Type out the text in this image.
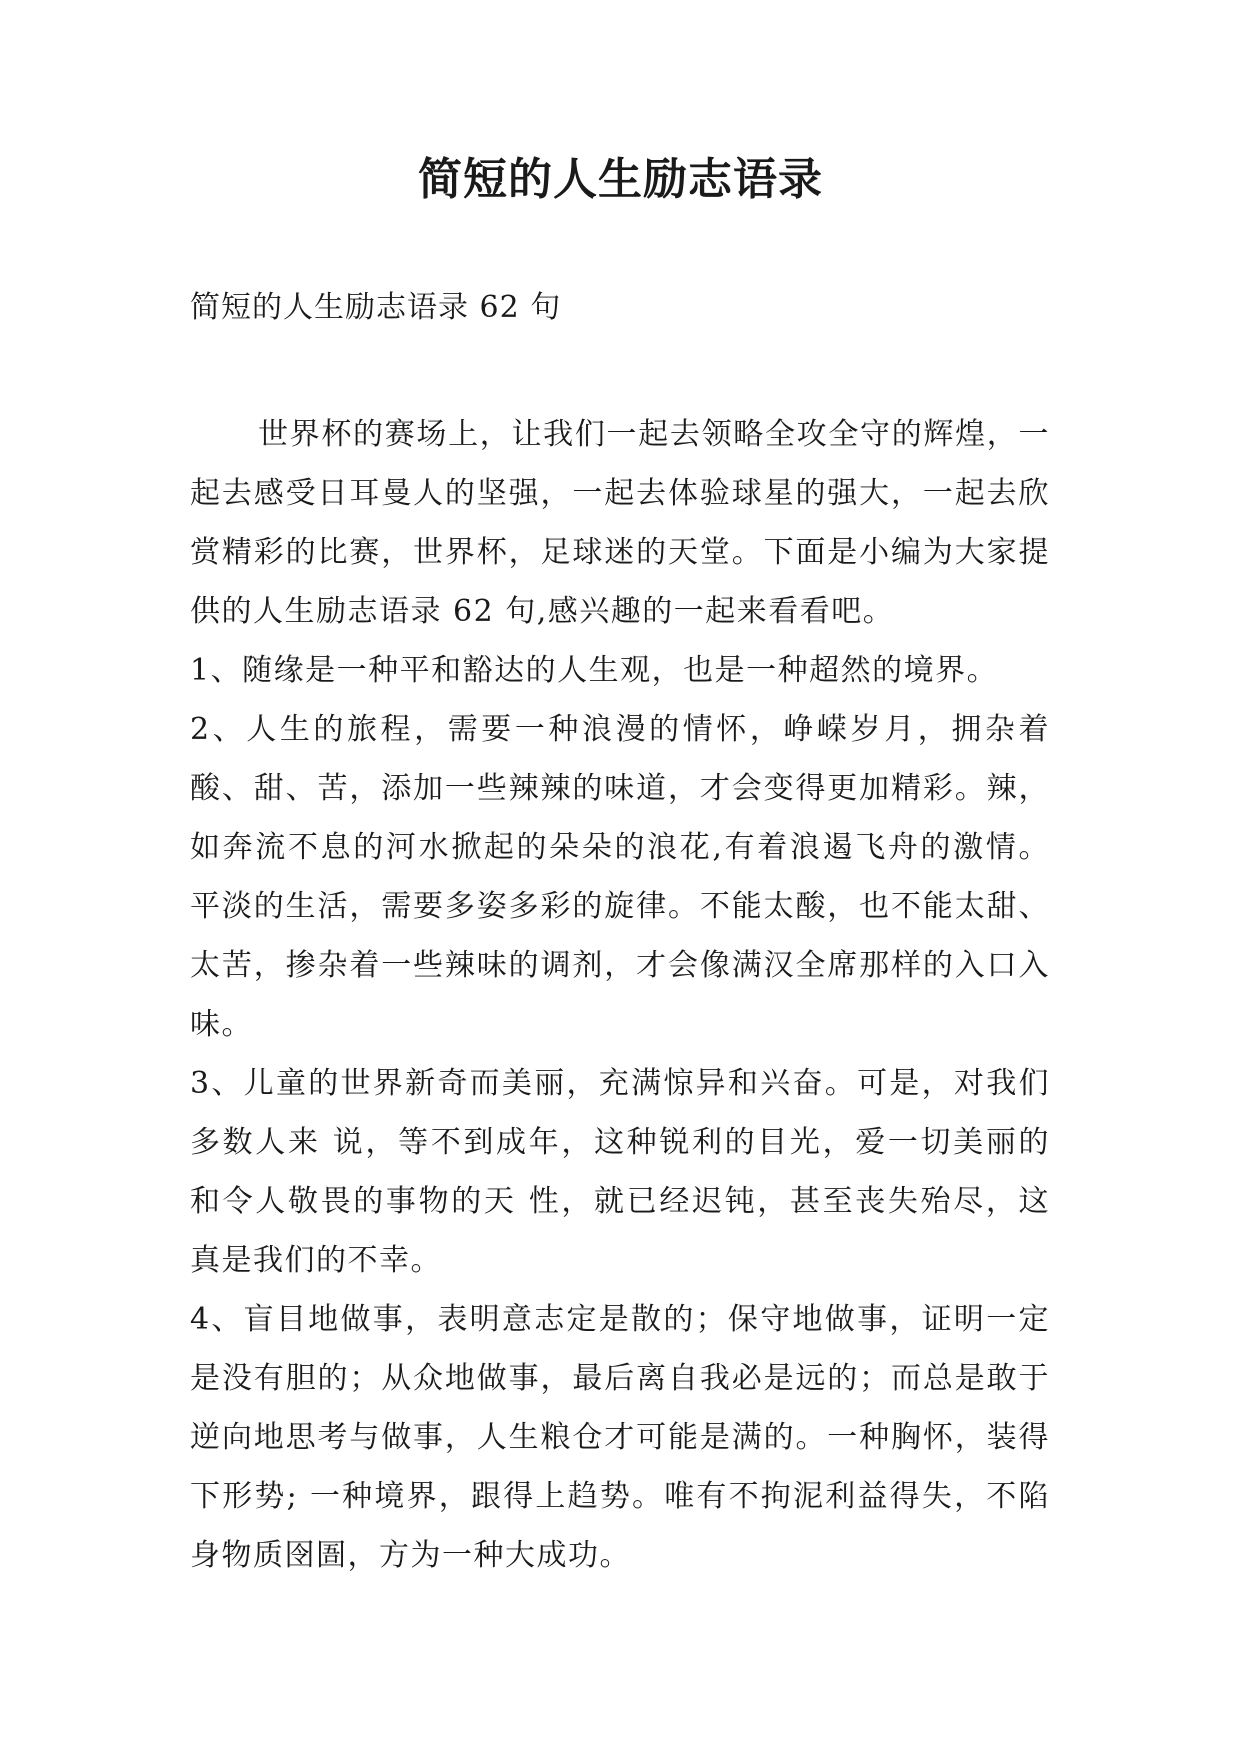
简短的人生励志语录

简短的人生励志语录 62 句

世界杯的赛场上，让我们一起去领略全攻全守的辉煌，一起去感受日耳曼人的坚强，一起去体验球星的强大，一起去欣赏精彩的比赛，世界杯，足球迷的天堂。下面是小编为大家提供的人生励志语录 62 句,感兴趣的一起来看看吧。

1、随缘是一种平和豁达的人生观，也是一种超然的境界。

2、人生的旅程，需要一种浪漫的情怀，峥嵘岁月，拥杂着酸、甜、苦，添加一些辣辣的味道，才会变得更加精彩。辣，如奔流不息的河水掀起的朵朵的浪花,有着浪遏飞舟的激情。平淡的生活，需要多姿多彩的旋律。不能太酸，也不能太甜、太苦，掺杂着一些辣味的调剂，才会像满汉全席那样的入口入味。

3、儿童的世界新奇而美丽，充满惊异和兴奋。可是，对我们多数人来 说，等不到成年，这种锐利的目光，爱一切美丽的和令人敬畏的事物的天 性，就已经迟钝，甚至丧失殆尽，这真是我们的不幸。

4、盲目地做事，表明意志定是散的；保守地做事，证明一定是没有胆的；从众地做事，最后离自我必是远的；而总是敢于逆向地思考与做事，人生粮仓才可能是满的。一种胸怀，装得下形势; 一种境界，跟得上趋势。唯有不拘泥利益得失，不陷身物质囹圄，方为一种大成功。
